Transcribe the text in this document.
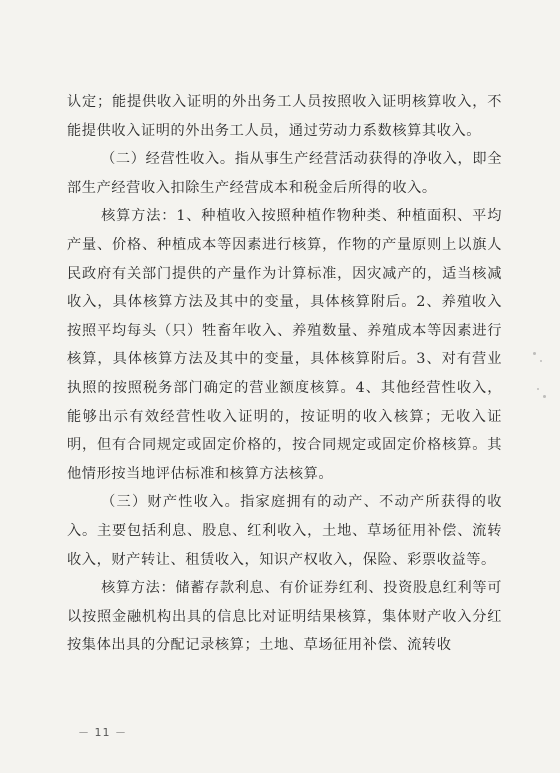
认定；能提供收入证明的外出务工人员按照收入证明核算收入，不能提供收入证明的外出务工人员，通过劳动力系数核算其收入。

（二）经营性收入。指从事生产经营活动获得的净收入，即全部生产经营收入扣除生产经营成本和税金后所得的收入。

核算方法：1、种植收入按照种植作物种类、种植面积、平均产量、价格、种植成本等因素进行核算，作物的产量原则上以旗人民政府有关部门提供的产量作为计算标准，因灾减产的，适当核减收入，具体核算方法及其中的变量，具体核算附后。2、养殖收入按照平均每头（只）牲畜年收入、养殖数量、养殖成本等因素进行核算，具体核算方法及其中的变量，具体核算附后。3、对有营业执照的按照税务部门确定的营业额度核算。4、其他经营性收入，能够出示有效经营性收入证明的，按证明的收入核算；无收入证明，但有合同规定或固定价格的，按合同规定或固定价格核算。其他情形按当地评估标准和核算方法核算。

（三）财产性收入。指家庭拥有的动产、不动产所获得的收入。主要包括利息、股息、红利收入，土地、草场征用补偿、流转收入，财产转让、租赁收入，知识产权收入，保险、彩票收益等。

核算方法：储蓄存款利息、有价证券红利、投资股息红利等可以按照金融机构出具的信息比对证明结果核算，集体财产收入分红按集体出具的分配记录核算；土地、草场征用补偿、流转收

－ 11 －
